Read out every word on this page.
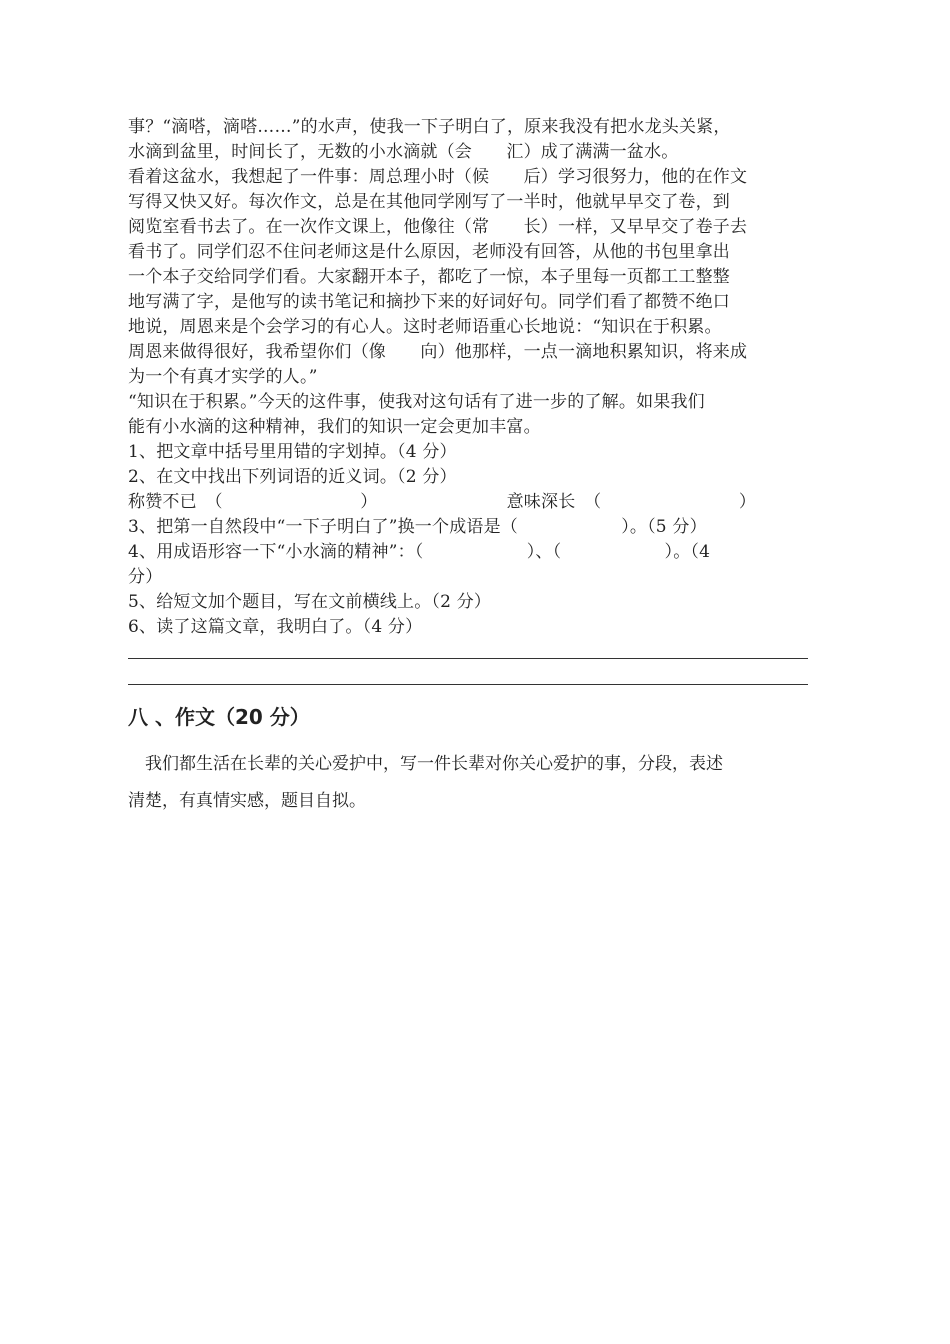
事？“滴嗒，滴嗒……”的水声，使我一下子明白了，原来我没有把水龙头关紧，
水滴到盆里，时间长了，无数的小水滴就（会　　汇）成了满满一盆水。
看着这盆水，我想起了一件事：周总理小时（候　　后）学习很努力，他的在作文
写得又快又好。每次作文，总是在其他同学刚写了一半时，他就早早交了卷，到
阅览室看书去了。在一次作文课上，他像往（常　　长）一样，又早早交了卷子去
看书了。同学们忍不住问老师这是什么原因，老师没有回答，从他的书包里拿出
一个本子交给同学们看。大家翻开本子，都吃了一惊，本子里每一页都工工整整
地写满了字，是他写的读书笔记和摘抄下来的好词好句。同学们看了都赞不绝口
地说，周恩来是个会学习的有心人。这时老师语重心长地说：“知识在于积累。
周恩来做得很好，我希望你们（像　　向）他那样，一点一滴地积累知识，将来成
为一个有真才实学的人。”
“知识在于积累。”今天的这件事，使我对这句话有了进一步的了解。如果我们
能有小水滴的这种精神，我们的知识一定会更加丰富。
1、把文章中括号里用错的字划掉。（4 分）
2、在文中找出下列词语的近义词。（2 分）
称赞不已　（　　　　　　　　）　　　　　　　　意味深长　（　　　　　　　　）
3、把第一自然段中“一下子明白了”换一个成语是（　　　　　　）。（5 分）
4、用成语形容一下“小水滴的精神”：（　　　　　　）、（　　　　　　）。（4
分）
5、给短文加个题目，写在文前横线上。（2 分）
6、读了这篇文章，我明白了。（4 分）
八 、作文（20 分）
　我们都生活在长辈的关心爱护中，写一件长辈对你关心爱护的事，分段，表述
清楚，有真情实感，题目自拟。
